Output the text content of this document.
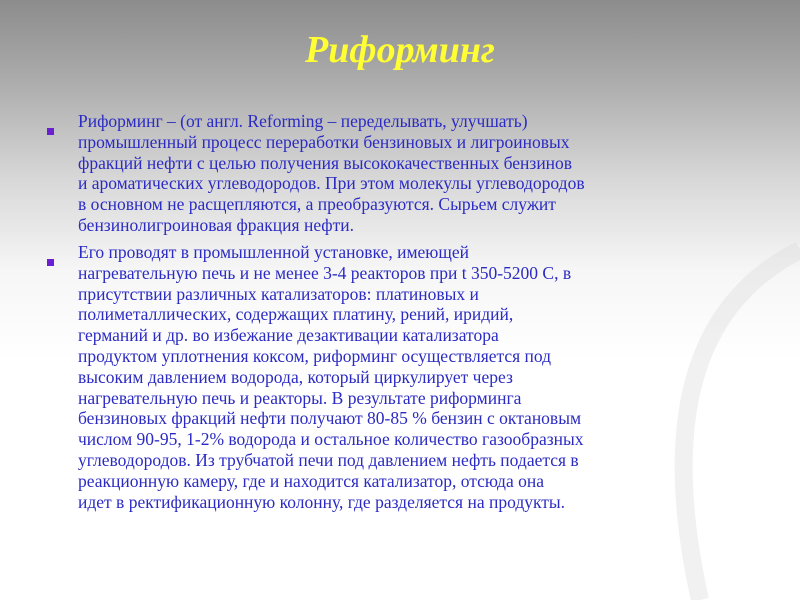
Риформинг
Риформинг – (от англ. Reforming – переделывать, улучшать)
промышленный процесс переработки бензиновых и лигроиновых
фракций нефти с целью получения высококачественных бензинов
и ароматических углеводородов. При этом молекулы углеводородов
в основном не расщепляются, а преобразуются. Сырьем служит
бензинолигроиновая фракция нефти.
Его проводят в промышленной установке, имеющей
нагревательную печь и не менее 3-4 реакторов при t 350-5200 С, в
присутствии различных катализаторов: платиновых и
полиметаллических, содержащих платину, рений, иридий,
германий и др. во избежание дезактивации катализатора
продуктом уплотнения коксом, риформинг осуществляется под
высоким давлением водорода, который циркулирует через
нагревательную печь и реакторы. В результате риформинга
бензиновых фракций нефти получают 80-85 % бензин с октановым
числом 90-95, 1-2% водорода и остальное количество газообразных
углеводородов. Из трубчатой печи под давлением нефть подается в
реакционную камеру, где и находится катализатор, отсюда она
идет в ректификационную колонну, где разделяется на продукты.
